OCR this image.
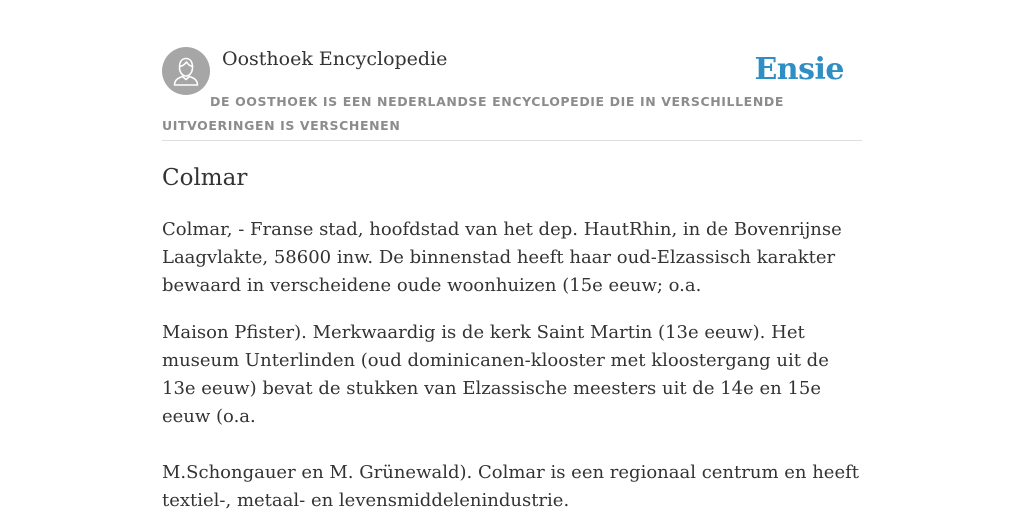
Oosthoek Encyclopedie	Ensie

DE OOSTHOEK IS EEN NEDERLANDSE ENCYCLOPEDIE DIE IN VERSCHILLENDE UITVOERINGEN IS VERSCHENEN

Colmar

Colmar, - Franse stad, hoofdstad van het dep. HautRhin, in de Bovenrijnse Laagvlakte, 58600 inw. De binnenstad heeft haar oud-Elzassisch karakter bewaard in verscheidene oude woonhuizen (15e eeuw; o.a.

Maison Pfister). Merkwaardig is de kerk Saint Martin (13e eeuw). Het museum Unterlinden (oud dominicanen-klooster met kloostergang uit de 13e eeuw) bevat de stukken van Elzassische meesters uit de 14e en 15e eeuw (o.a.

M.Schongauer en M. Grünewald). Colmar is een regionaal centrum en heeft textiel-, metaal- en levensmiddelenindustrie.
